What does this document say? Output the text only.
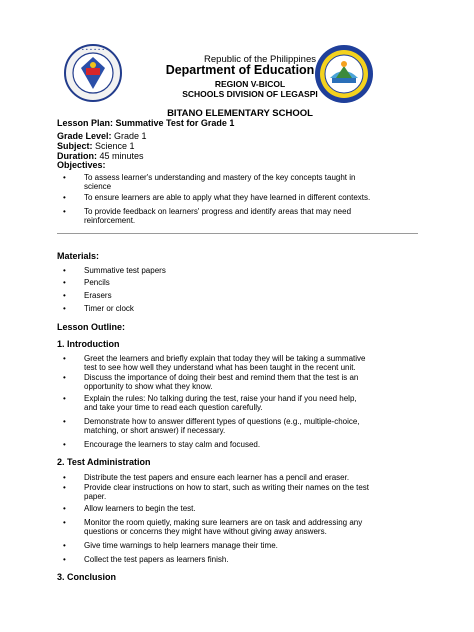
• • • • • • • •
Republic of the Philippines
Department of Education
REGION V-BICOL
SCHOOLS DIVISION OF LEGASPI
BITANO ELEMENTARY SCHOOL
Lesson Plan: Summative Test for Grade 1
Grade Level: Grade 1
Subject: Science 1
Duration: 45 minutes
Objectives:
• To assess learner's understanding and mastery of the key concepts taught in
science
• To ensure learners are able to apply what they have learned in different contexts.
• To provide feedback on learners' progress and identify areas that may need
reinforcement.
Materials:
• Summative test papers
• Pencils
• Erasers
• Timer or clock
Lesson Outline:
1. Introduction
• Greet the learners and briefly explain that today they will be taking a summative
test to see how well they understand what has been taught in the recent unit.
• Discuss the importance of doing their best and remind them that the test is an
opportunity to show what they know.
• Explain the rules: No talking during the test, raise your hand if you need help,
and take your time to read each question carefully.
• Demonstrate how to answer different types of questions (e.g., multiple-choice,
matching, or short answer) if necessary.
• Encourage the learners to stay calm and focused.
2. Test Administration
• Distribute the test papers and ensure each learner has a pencil and eraser.
• Provide clear instructions on how to start, such as writing their names on the test
paper.
• Allow learners to begin the test.
• Monitor the room quietly, making sure learners are on task and addressing any
questions or concerns they might have without giving away answers.
• Give time warnings to help learners manage their time.
• Collect the test papers as learners finish.
3. Conclusion
